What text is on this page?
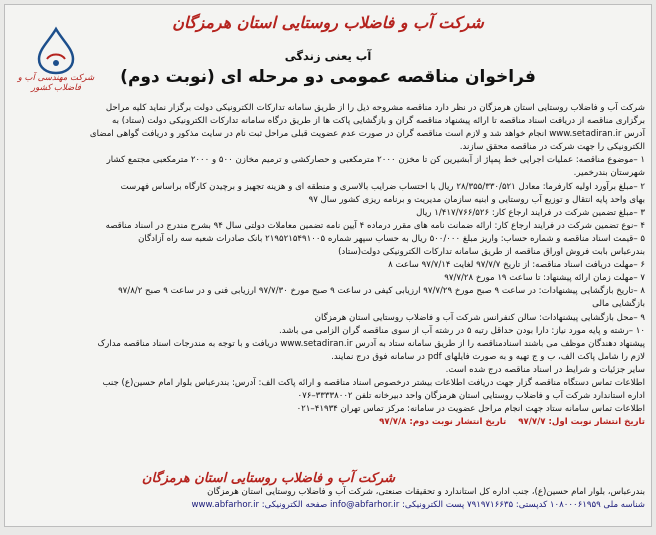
شرکت آب و فاضلاب روستایی استان هرمزگان
آب یعنی زندگی
فراخوان مناقصه عمومی دو مرحله ای (نوبت دوم)
شرکت مهندسی آب و فاضلاب کشور

شرکت آب و فاضلاب روستایی استان هرمزگان در نظر دارد مناقصه مشروحه ذیل را از طریق سامانه تدارکات الکترونیکی دولت برگزار نماید کلیه مراحل

برگزاری مناقصه از دریافت اسناد مناقصه تا ارائه پیشنهاد مناقصه گران و بازگشایی پاکت ها از طریق درگاه سامانه تدارکات الکترونیکی دولت (ستاد) به

آدرس www.setadiran.ir انجام خواهد شد و لازم است مناقصه گران در صورت عدم عضویت قبلی مراحل ثبت نام در سایت مذکور و دریافت گواهی امضای

الکترونیکی را جهت شرکت در مناقصه محقق سازند.

۱ –موضوع مناقصه: عملیات اجرایی خط پمپاژ از آبشیرین کن تا مخزن ۲۰۰۰ مترمکعبی و حصارکشی و ترمیم مخازن ۵۰۰ و ۲۰۰۰ مترمکعبی مجتمع کشار

شهرستان بندرخمیر.

۲ –مبلغ برآورد اولیه کارفرما: معادل ۲۸/۳۵۵/۳۳۰/۵۲۱ ریال با احتساب ضرایب بالاسری و منطقه ای و هزینه تجهیز و برچیدن کارگاه براساس فهرست

بهای واحد پایه انتقال و توزیع آب روستایی و ابنیه سازمان مدیریت و برنامه ریزی کشور سال ۹۷

۳ –مبلغ تضمین شرکت در فرایند ارجاع کار: ۱/۴۱۷/۷۶۶/۵۲۶ ریال

۴ –نوع تضمین شرکت در فرایند ارجاع کار: ارائه ضمانت نامه های مقرر درماده ۴ آیین نامه تضمین معاملات دولتی سال ۹۴ بشرح مندرج در اسناد مناقصه

۵ –قیمت اسناد مناقصه و شماره حساب: واریز مبلغ ۵۰۰/۰۰۰ ریال به حساب سپهر شماره ۲۱۹۵۲۱۵۴۹۱۰۰۵ بانک صادرات شعبه سه راه آزادگان

بندرعباس بابت فروش اوراق مناقصه از طریق سامانه تدارکات الکترونیکی دولت(ستاد)

۶ –مهلت دریافت اسناد مناقصه: از تاریخ ۹۷/۷/۷ لغایت ۹۷/۷/۱۴ ساعت ۸

۷ –مهلت زمان ارائه پیشنهاد: تا ساعت ۱۹ مورخ ۹۷/۷/۲۸

۸ –تاریخ بازگشایی پیشنهادات: در ساعت ۹ صبح مورخ ۹۷/۷/۲۹ ارزیابی کیفی در ساعت ۹ صبح مورخ ۹۷/۷/۳۰ ارزیابی فنی و در ساعت ۹ صبح ۹۷/۸/۲

بازگشایی مالی

۹ –محل بازگشایی پیشنهادات: سالن کنفرانس شرکت آب و فاضلاب روستایی استان هرمزگان

۱۰ –رشته و پایه مورد نیاز: دارا بودن حداقل رتبه ۵ در رشته آب از سوی مناقصه گران الزامی می باشد.

پیشنهاد دهندگان موظف می باشند اسنادمناقصه را از طریق سامانه ستاد به آدرس www.setadiran.ir دریافت و با توجه به مندرجات اسناد مناقصه مدارک

لازم را شامل پاکت الف، ب و ج تهیه و به صورت فایلهای pdf در سامانه فوق درج نمایند.

سایر جزئیات و شرایط در اسناد مناقصه درج شده است.

اطلاعات تماس دستگاه مناقصه گزار جهت دریافت اطلاعات بیشتر درخصوص اسناد مناقصه و ارائه پاکت الف: آدرس: بندرعباس بلوار امام حسین(ع) جنب

اداره استاندارد شرکت آب و فاضلاب روستایی استان هرمزگان واحد دبیرخانه تلفن ۳۳۳۳۸۰۰۲–۰۷۶

اطلاعات تماس سامانه ستاد جهت انجام مراحل عضویت در سامانه: مرکز تماس تهران ۴۱۹۳۴–۰۲۱

تاریخ انتشار نوبت اول: ۹۷/۷/۷    تاریخ انتشار نوبت دوم: ۹۷/۷/۸

شرکت آب و فاضلاب روستایی استان هرمزگان
بندرعباس، بلوار امام حسین(ع)، جنب اداره کل استاندارد و تحقیقات صنعتی، شرکت آب و فاضلاب روستایی استان هرمزگان
شناسه ملی ۱۰۸۰۰۰۶۱۹۵۹ کدپستی: ۷۹۱۹۷۱۶۶۳۵ پست الکترونیکی: info@abfarhor.ir صفحه الکترونیکی: www.abfarhor.ir
